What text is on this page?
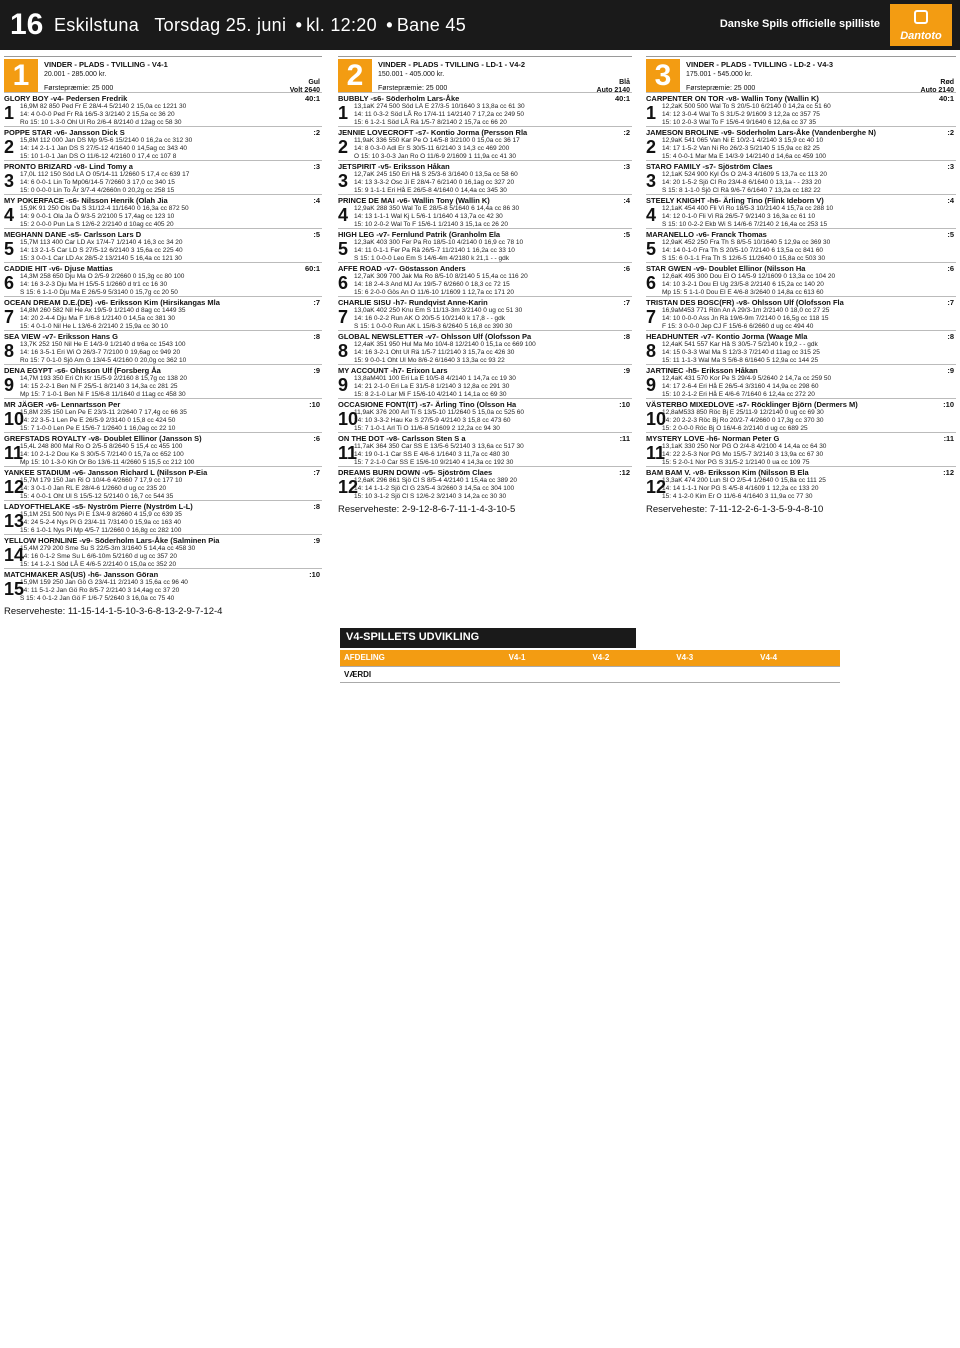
16 Eskilstuna Torsdag 25. juni • kl. 12:20 • Bane 45	Danske Spils officielle spilliste
Dantoto
1	VINDER - PLADS - TVILLING - V4-1
20.001 - 285.000 kr.
Gul
Førstepræmie: 25 000	Volt 2640
GLORY BOY -v4- Pedersen Fredrik	40:1
1 16,9M 82 850 Ped Fr E 28/4-4 5/2140 2 15,0a cc 1221 30
14: 4 0-0-0 Ped Fr Rä 16/5-3 3/2140 2 15,5a cc 36 20
Ro 15: 10 1-3-0 Ohl Ul Ro 2/6-4 8/2140 d 12ag cc 58 30
POPPE STAR -v6- Jansson Dick S	:2
2 15,8M 112 000 Jan DS Mp 9/5-6 15/2140 0 16,2a cc 312 30
14: 14 2-1-1 Jan DS S 27/5-12 4/1640 0 14,5ag cc 343 40
15: 10 1-0-1 Jan DS O 11/6-12 4/2160 0 17,4 cc 107 8
PRONTO BRIZARD -v8- Lind Tomy a	:3
3 17,0L 112 150 Söd LÅ O 05/14-11 1/2660 5 17,4 cc 639 17
14: 6 0-0-1 Lin To Mp06/14-5 7/2660 3 17,0 cc 340 15
15: 0 0-0-0 Lin To År 3/7-4 4/2660n 0 20,2g cc 258 15
MY POKERFACE -s6- Nilsson Henrik (Olah Jia	:4
4 15,9K 91 250 Ols Da S 31/12-4 11/1640 0 16,3a cc 872 50
14: 9 0-0-1 Ola Ja Ö 9/3-5 2/2100 5 17,4ag cc 123 10
15: 2 0-0-0 Pun La S 12/6-2 2/2140 d 10ag cc 405 20
MEGHANN DANE -s5- Carlsson Lars D	:5
5 15,7M 113 400 Car LD Ax 17/4-7 1/2140 4 16,3 cc 34 20
14: 13 2-1-5 Car LD S 27/5-12 6/2140 3 15,6a cc 225 40
15: 3 0-0-1 Car LD Ax 28/5-2 13/2140 5 16,4a cc 121 30
CADDIE HIT -v6- Djuse Mattias	60:1
6 14,3M 258 650 Dju Ma O 2/5-9 2/2660 0 15,3g cc 80 100
14: 16 3-2-3 Dju Ma H 15/5-5 1/2660 d tr1 cc 16 30
S 15: 6 1-1-0 Dju Ma E 26/5-9 5/3140 0 15,7g cc 20 50
OCEAN DREAM D.E.(DE) -v6- Eriksson Kim (Hirsikangas Mla	:7
7 14,8M 260 582 Nil He Ax 19/5-9 1/2140 d 8ag cc 1449 35
14: 20 2-4-4 Dju Ma F 1/6-8 1/2140 0 14,5a cc 381 30
15: 4 0-1-0 Nil He L 13/6-6 2/2140 2 15,9a cc 30 10
SEA VIEW -v7- Eriksson Hans G	:8
8 13,7K 252 150 Nil He E 14/3-9 1/2140 d tr6a cc 1543 100
14: 16 3-5-1 Eri Wi O 26/3-7 7/2100 0 19,6ag cc 949 20
Ro 15: 7 0-1-0 Sjö Am G 13/4-5 4/2160 0 20,0g cc 362 10
DENA EGYPT -s6- Ohlsson Ulf (Forsberg Åa	:9
9 14,7M 193 350 Eri Ch Kr 15/5-9 2/2160 8 15,7g cc 138 20
14: 15 2-2-1 Ben Ni F 25/5-1 8/2140 3 14,3a cc 281 25
Mp 15: 7 1-0-1 Ben Ni F 15/6-8 11/1640 d 11ag cc 458 30
MR JÄGER -v6- Lennartsson Per	:10
10
15,8M 235 150 Len Pe E 23/3-11 2/2640 7 17,4g cc 66 35
14: 22 3-5-1 Len Pe E 26/5-9 2/3140 0 15,8 cc 424 50
15: 7 1-0-0 Len Pe E 15/6-7 1/2640 1 16,0ag cc 22 10
GREFSTADS ROYALTY -v8- Doublet Ellinor (Jansson S)	:6
11
15,4L 248 800 Mal Ro O 2/5-5 8/2640 5 15,4 cc 455 100
14: 10 2-1-2 Dou Ke S 30/5-5 7/2140 0 15,7a cc 652 100
Mp 15: 10 1-3-0 Kih Or Bo 13/6-11 4/2660 5 15,5 cc 212 100
YANKEE STADIUM -v6- Jansson Richard L (Nilsson P-Eia	:7
12
15,7M 179 150 Jan Ri O 10/4-6 4/2660 7 17,9 cc 177 10
14: 3 0-1-0 Jan RL E 28/4-6 1/2660 d ug cc 235 20
15: 4 0-0-1 Oht Ul S 15/5-12 5/2140 0 16,7 cc 544 35
LADYOFTHELAKE -s5- Nyström Pierre (Nyström L-L)	:8
13
15,1M 251 500 Nys Pi E 13/4-9 8/2660 4 15,9 cc 639 35
14: 24 5-2-4 Nys Pi G 23/4-11 7/3140 0 15,9a cc 163 40
15: 6 1-0-1 Nys Pi Mp 4/5-7 11/2660 0 16,8g cc 282 100
YELLOW HORNLINE -v9- Söderholm Lars-Åke (Salminen Pia	:9
14
15,4M 279 200 Sme Su S 22/5-3m 3/1640 5 14,4a cc 458 30
14: 16 0-1-2 Sme Su L 6/6-10m 5/2160 d ug cc 357 20
15: 14 1-2-1 Söd LÅ E 4/6-5 2/2140 0 15,0a cc 352 20
MATCHMAKER AS(US) -h6- Jansson Göran	:10
15
15,9M 159 250 Jan Gö G 23/4-11 2/2140 3 15,6a cc 96 40
14: 11 5-1-2 Jan Gö Ro 8/5-7 2/2140 3 14,4ag cc 37 20
S 15: 4 0-1-2 Jan Gö F 1/6-7 5/2640 3 16,0a cc 75 40
Reserveheste: 11-15-14-1-5-10-3-6-8-13-2-9-7-12-4
2	VINDER - PLADS - TVILLING - LD-1 - V4-2
150.001 - 405.000 kr.
Blå
Førstepræmie: 25 000	Auto 2140
BUBBLY -s6- Söderholm Lars-Åke	40:1
1 13,1aK 274 500 Söd LÅ E 27/3-5 10/1640 3 13,8a cc 61 30
14: 11 0-3-2 Söd LÅ Ro 17/4-11 14/2140 7 17,2a cc 249 50
15: 6 1-2-1 Söd LÅ Rä 1/5-7 8/2140 2 15,7a cc 66 20
JENNIE LOVECROFT -s7- Kontio Jorma (Persson Rla	:2
2 11,9aK 336 550 Kar Pe O 14/5-8 3/2100 0 15,0a cc 36 17
14: 8 0-3-0 Adl Er S 30/5-11 6/2140 3 14,3 cc 469 200
O 15: 10 3-0-3 Jan Ro O 11/6-9 2/1609 1 11,9a cc 41 30
JETSPIRIT -v5- Eriksson Håkan	:3
3 12,7aK 245 150 Eri Hå S 25/3-6 3/1640 0 13,5a cc 58 60
14: 13 3-3-2 Osc Ji E 28/4-7 6/2140 0 16,1ag cc 327 20
15: 9 1-1-1 Eri Hå E 26/5-8 4/1640 0 14,4a cc 345 30
PRINCE DE MAI -v6- Wallin Tony (Wallin K)	:4
4 12,9aK 288 350 Wal To E 28/5-8 5/1640 6 14,4a cc 86 30
14: 13 1-1-1 Wal Kj L 5/6-1 1/1640 4 13,7a cc 42 30
15: 10 2-0-2 Wal To F 15/6-1 1/2140 3 15,1a cc 26 20
HIGH LEG -v7- Fernlund Patrik (Granholm Ela	:5
5 12,3aK 403 300 Fer Pa Ro 18/5-10 4/2140 0 16,9 cc 78 10
14: 11 0-1-1 Fer Pa Rä 26/5-7 11/2140 1 16,2a cc 33 10
S 15: 1 0-0-0 Leo Em S 14/6-4m 4/2180 k 21,1 - - gdk
AFFE ROAD -v7- Göstasson Anders	:6
6 12,7aK 309 700 Jak Ma Ro 8/5-10 8/2140 5 15,4a cc 116 20
14: 18 2-4-3 And MJ Ax 19/5-7 6/2660 0 18,3 cc 72 15
15: 6 2-0-0 Gös An O 11/6-10 1/1609 1 12,7a cc 171 20
CHARLIE SISU -h7- Rundqvist Anne-Karin	:7
7 13,0aK 402 250 Knu Em S 11/13-3m 3/2140 0 ug cc 51 30
14: 16 0-2-2 Run AK O 20/5-5 10/2140 k 17,8 - - gdk
S 15: 1 0-0-0 Run AK L 15/6-3 6/2640 5 16,8 cc 390 30
GLOBAL NEWSLETTER -v7- Ohlsson Ulf (Olofsson Pa	:8
8 12,4aK 351 950 Hul Ma Mo 10/4-8 12/2140 0 15,1a cc 669 100
14: 16 3-2-1 Oht Ul Rä 1/5-7 11/2140 3 15,7a cc 426 30
15: 9 0-0-1 Oht Ul Mo 8/6-2 6/1640 3 13,3a cc 93 22
MY ACCOUNT -h7- Erixon Lars	:9
9 13,8aM401 100 Eri La E 10/5-8 4/2140 1 14,7a cc 19 30
14: 21 2-1-0 Eri La E 31/5-8 1/2140 3 12,8a cc 291 30
15: 8 2-1-0 Lar Mi F 15/6-10 4/2140 1 14,1a cc 69 30
OCCASIONE FONT(IT) -s7- Ärling Tino (Olsson Ha	:10
10
11,9aK 376 200 Arl Ti S 13/5-10 11/2640 5 15,0a cc 525 60
14: 10 3-3-2 Hau Ke S 27/5-9 4/2140 3 15,8 cc 473 60
15: 7 1-0-1 Arl Ti O 11/6-8 5/1609 2 12,2a cc 94 30
ON THE DOT -v8- Carlsson Sten S a	:11
11
11,7aK 364 350 Car SS E 13/5-6 5/2140 3 13,6a cc 517 30
14: 19 0-1-1 Car SS E 4/6-6 1/1640 3 11,7a cc 480 30
15: 7 2-1-0 Car SS E 15/6-10 9/2140 4 14,3a cc 192 30
DREAMS BURN DOWN -v5- Sjöström Claes	:12
12
12,6aK 296 861 Sjö Cl S 8/5-4 4/2140 1 15,4a cc 389 20
14: 14 1-1-2 Sjö Cl G 23/5-4 3/2660 3 14,5a cc 304 100
15: 10 3-1-2 Sjö Cl S 12/6-2 3/2140 3 14,2a cc 30 30
Reserveheste: 2-9-12-8-6-7-11-1-4-3-10-5
3	VINDER - PLADS - TVILLING - LD-2 - V4-3
175.001 - 545.000 kr.
Rød
Førstepræmie: 25 000	Auto 2140
CARPENTER ON TOR -v8- Wallin Tony (Wallin K)	40:1
1 12,2aK 500 500 Wal To S 20/5-10 6/2140 0 14,2a cc 51 60
14: 12 3-0-4 Wal To S 31/5-2 9/1609 3 12,2a cc 357 75
15: 10 2-0-3 Wal To F 15/6-4 9/1640 6 12,6a cc 37 35
JAMESON BROLINE -v9- Söderholm Lars-Åke (Vandenberghe N)	:2
2 12,9aK 541 065 Van Ni E 10/2-1 4/2140 3 15,9 cc 40 10
14: 17 1-5-2 Van Ni Ro 26/2-3 5/2140 5 15,9a cc 82 25
15: 4 0-0-1 Mar Ma E 14/3-9 14/2140 d 14,6a cc 459 100
STARO FAMILY -s7- Sjöström Claes	:3
3 12,1aK 524 900 Kyl Os O 2/4-3 4/1609 5 13,7a cc 113 20
14: 20 1-5-2 Sjö Cl Ro 23/4-8 6/1640 0 13,1a - - 233 20
S 15: 8 1-1-0 Sjö Cl Rä 9/6-7 6/1640 7 13,2a cc 182 22
STEELY KNIGHT -h6- Ärling Tino (Flink Ideborn V)	:4
4 12,1aK 454 400 Fli Vi Ro 18/5-3 10/2140 4 15,7a cc 288 10
14: 12 0-1-0 Fli Vi Rä 26/5-7 9/2140 3 16,3a cc 61 10
S 15: 10 0-2-2 Ekb Wi S 14/6-6 7/2140 2 16,4a cc 253 15
MARANELLO -v6- Franck Thomas	:5
5 12,9aK 452 250 Fra Th S 8/5-5 10/1640 5 12,9a cc 369 30
14: 14 0-1-0 Fra Th S 20/5-10 7/2140 6 13,5a cc 841 60
S 15: 6 0-1-1 Fra Th S 12/6-5 11/2640 0 15,8a cc 503 30
STAR GWEN -v9- Doublet Ellinor (Nilsson Ha	:6
6 12,6aK 495 300 Dou El O 14/5-9 12/1609 0 13,3a cc 104 20
14: 10 3-2-1 Dou El Ug 23/5-8 2/2140 6 15,2a cc 140 20
Mp 15: 5 1-1-0 Dou El E 4/6-8 3/2640 0 14,8a cc 613 60
TRISTAN DES BOSC(FR) -v8- Ohlsson Ulf (Olofsson Fla	:7
7 16,9aM453 771 Rön An A 29/3-1m 2/2140 0 18,0 cc 27 25
14: 10 0-0-0 Ass Jn Rä 19/6-9m 7/2140 0 16,5g cc 118 15
F 15: 3 0-0-0 Jep CJ F 15/6-6 6/2660 d ug cc 494 40
HEADHUNTER -v7- Kontio Jorma (Waage Mla	:8
8 12,4aK 541 557 Kar Hå S 30/5-7 5/2140 k 19,2 - - gdk
14: 15 0-3-3 Wal Ma S 12/3-3 7/2140 d 11ag cc 315 25
15: 11 1-1-3 Wal Ma S 5/6-8 6/1640 5 12,9a cc 144 25
JARTINEC -h5- Eriksson Håkan	:9
9 12,4aK 431 570 Kor Pe S 29/4-9 5/2640 2 14,7a cc 259 50
14: 17 2-6-4 Eri Hå E 26/5-4 3/3160 4 14,9a cc 298 60
15: 10 2-1-2 Eri Hå E 4/6-6 7/1640 6 12,4a cc 272 20
VÄSTERBO MIXEDLOVE -s7- Röcklinger Björn (Dermers M)	:10
10
12,8aM533 850 Röc Bj E 25/11-9 12/2140 0 ug cc 69 30
14: 20 2-2-3 Röc Bj Ro 20/2-7 4/2660 0 17,3g cc 370 30
15: 2 0-0-0 Röc Bj O 16/4-6 2/2140 d ug cc 689 25
MYSTERY LOVE -h6- Norman Peter G	:11
11
13,1aK 330 250 Nor PG O 2/4-8 4/2100 4 14,4a cc 64 30
14: 22 2-5-3 Nor PG Mo 15/5-7 3/2140 3 13,9a cc 67 30
15: 5 2-0-1 Nor PG S 31/5-2 1/2140 0 ua cc 109 75
BAM BAM V. -v8- Eriksson Kim (Nilsson B Ela	:12
12
13,3aK 474 200 Lun Sl O 2/5-4 1/2640 0 15,8a cc 111 25
14: 14 1-1-1 Nor PG S 4/5-8 4/1609 1 12,2a cc 133 20
15: 4 1-2-0 Kim Er O 11/6-6 4/1640 3 11,9a cc 77 30
Reserveheste: 7-11-12-2-6-1-3-5-9-4-8-10
V4-SPILLETS UDVIKLING
AFDELING	V4-1	V4-2	V4-3	V4-4
VÆRDI				
